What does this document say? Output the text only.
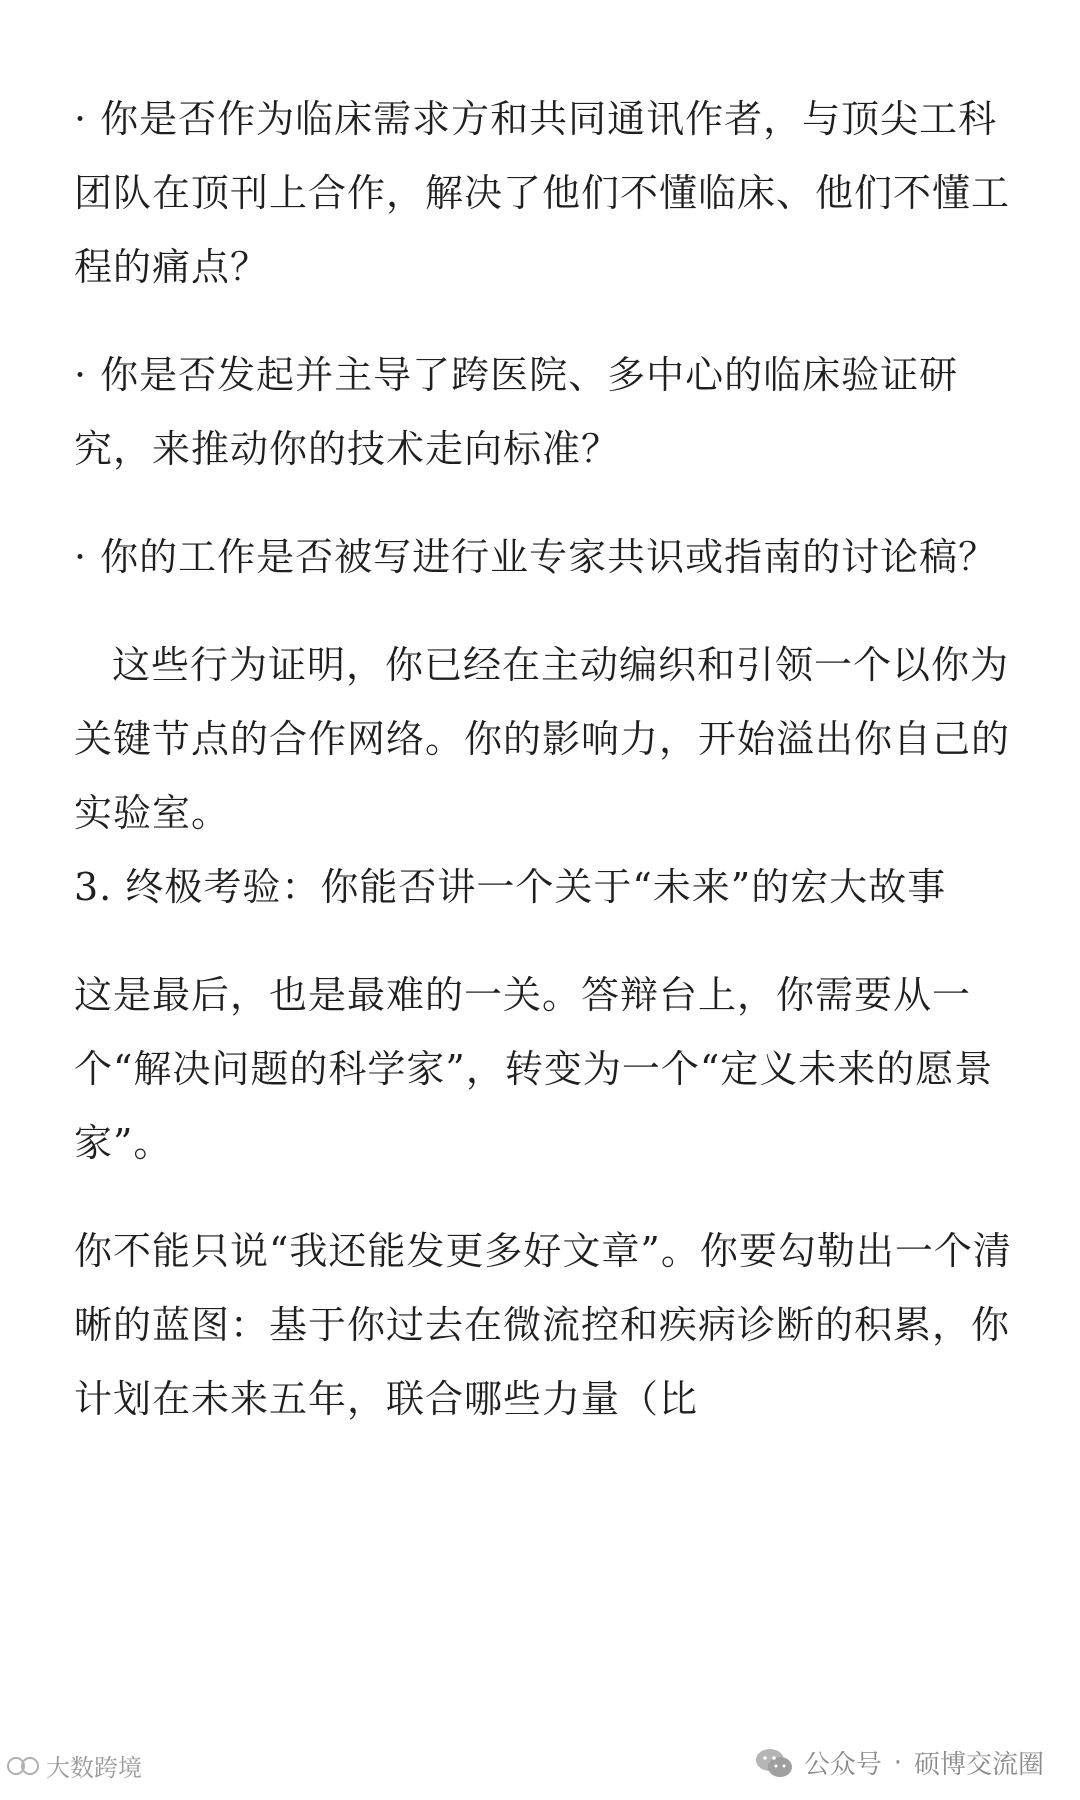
· 你是否作为临床需求方和共同通讯作者，与顶尖工科团队在顶刊上合作，解决了他们不懂临床、他们不懂工程的痛点？

· 你是否发起并主导了跨医院、多中心的临床验证研究，来推动你的技术走向标准？

· 你的工作是否被写进行业专家共识或指南的讨论稿？

这些行为证明，你已经在主动编织和引领一个以你为关键节点的合作网络。你的影响力，开始溢出你自己的实验室。

3. 终极考验：你能否讲一个关于“未来”的宏大故事

这是最后，也是最难的一关。答辩台上，你需要从一个“解决问题的科学家”，转变为一个“定义未来的愿景家”。

你不能只说“我还能发更多好文章”。你要勾勒出一个清晰的蓝图：基于你过去在微流控和疾病诊断的积累，你计划在未来五年，联合哪些力量（比

大数跨境	公众号 · 硕博交流圈
